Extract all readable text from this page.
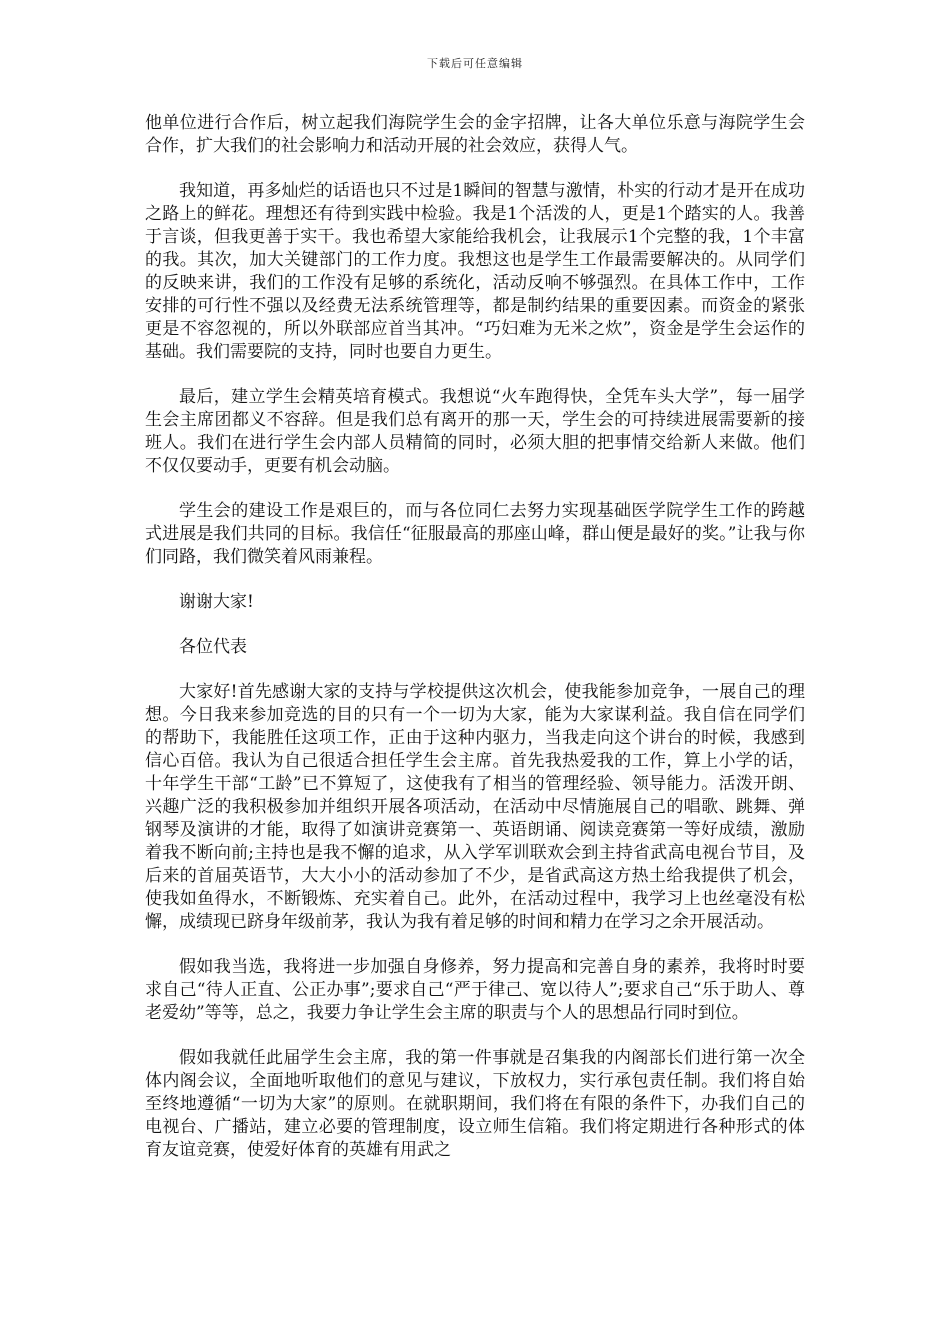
下载后可任意编辑

他单位进行合作后，树立起我们海院学生会的金字招牌，让各大单位乐意与海院学生会合作，扩大我们的社会影响力和活动开展的社会效应，获得人气。

我知道，再多灿烂的话语也只不过是1瞬间的智慧与激情，朴实的行动才是开在成功之路上的鲜花。理想还有待到实践中检验。我是1个活泼的人，更是1个踏实的人。我善于言谈，但我更善于实干。我也希望大家能给我机会，让我展示1个完整的我，1个丰富的我。其次，加大关键部门的工作力度。我想这也是学生工作最需要解决的。从同学们的反映来讲，我们的工作没有足够的系统化，活动反响不够强烈。在具体工作中，工作安排的可行性不强以及经费无法系统管理等，都是制约结果的重要因素。而资金的紧张更是不容忽视的，所以外联部应首当其冲。“巧妇难为无米之炊”，资金是学生会运作的基础。我们需要院的支持，同时也要自力更生。

最后，建立学生会精英培育模式。我想说“火车跑得快，全凭车头大学”，每一届学生会主席团都义不容辞。但是我们总有离开的那一天，学生会的可持续进展需要新的接班人。我们在进行学生会内部人员精简的同时，必须大胆的把事情交给新人来做。他们不仅仅要动手，更要有机会动脑。

学生会的建设工作是艰巨的，而与各位同仁去努力实现基础医学院学生工作的跨越式进展是我们共同的目标。我信任“征服最高的那座山峰，群山便是最好的奖。”让我与你们同路，我们微笑着风雨兼程。

谢谢大家!

各位代表

大家好!首先感谢大家的支持与学校提供这次机会，使我能参加竞争，一展自己的理想。今日我来参加竞选的目的只有一个一切为大家，能为大家谋利益。我自信在同学们的帮助下，我能胜任这项工作，正由于这种内驱力，当我走向这个讲台的时候，我感到信心百倍。我认为自己很适合担任学生会主席。首先我热爱我的工作，算上小学的话，十年学生干部“工龄”已不算短了，这使我有了相当的管理经验、领导能力。活泼开朗、兴趣广泛的我积极参加并组织开展各项活动，在活动中尽情施展自己的唱歌、跳舞、弹钢琴及演讲的才能，取得了如演讲竞赛第一、英语朗诵、阅读竞赛第一等好成绩，激励着我不断向前;主持也是我不懈的追求，从入学军训联欢会到主持省武高电视台节目，及后来的首届英语节，大大小小的活动参加了不少，是省武高这方热土给我提供了机会，使我如鱼得水，不断锻炼、充实着自己。此外，在活动过程中，我学习上也丝毫没有松懈，成绩现已跻身年级前茅，我认为我有着足够的时间和精力在学习之余开展活动。

假如我当选，我将进一步加强自身修养，努力提高和完善自身的素养，我将时时要求自己“待人正直、公正办事”;要求自己“严于律己、宽以待人”;要求自己“乐于助人、尊老爱幼”等等，总之，我要力争让学生会主席的职责与个人的思想品行同时到位。

假如我就任此届学生会主席，我的第一件事就是召集我的内阁部长们进行第一次全体内阁会议，全面地听取他们的意见与建议，下放权力，实行承包责任制。我们将自始至终地遵循“一切为大家”的原则。在就职期间，我们将在有限的条件下，办我们自己的电视台、广播站，建立必要的管理制度，设立师生信箱。我们将定期进行各种形式的体育友谊竞赛，使爱好体育的英雄有用武之
